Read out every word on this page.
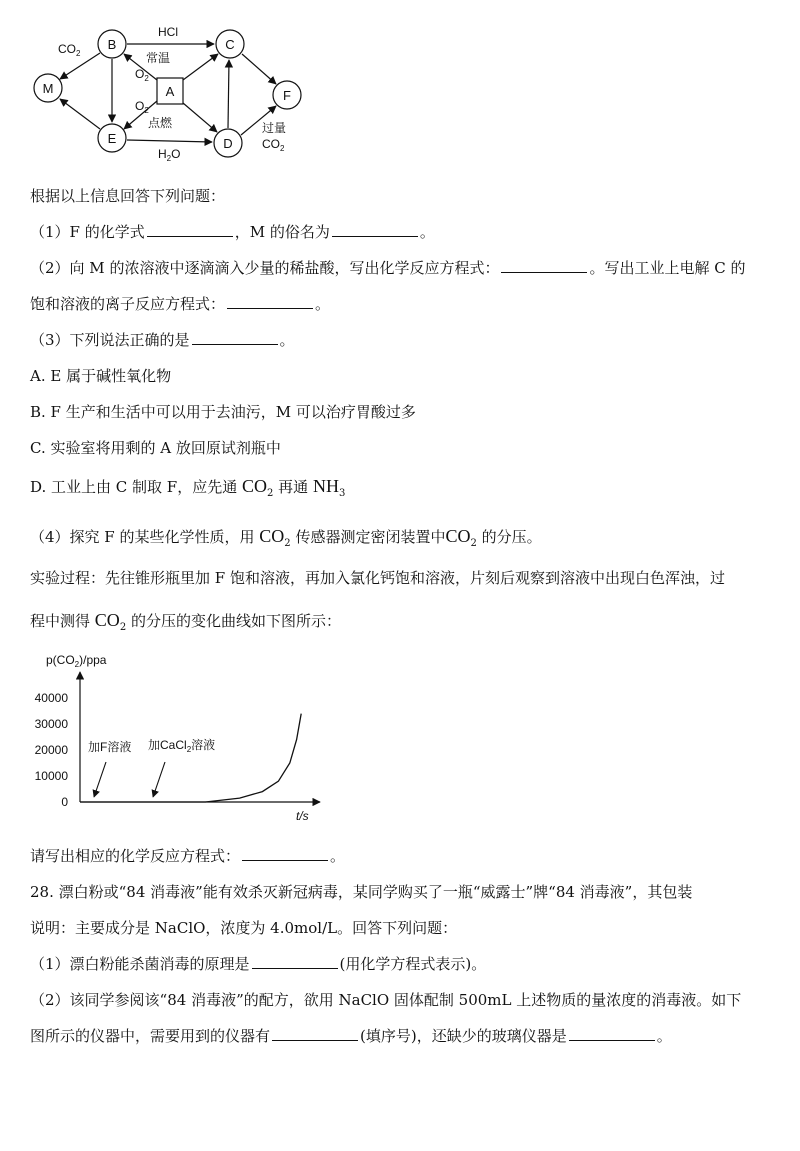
B	C
M	A	F
E	D
HCl
$CO_2$	常温
$O_2$
$O_2$
点燃
$H_2O$
过量
$CO_2$
根据以上信息回答下列问题：
（1）F 的化学式	，M 的俗名为	。
（2）向 M 的浓溶液中逐滴滴入少量的稀盐酸，写出化学反应方程式：	。写出工业上电解 C 的
饱和溶液的离子反应方程式：	。
（3）下列说法正确的是	。
A. E 属于碱性氧化物
B. F 生产和生活中可以用于去油污，M 可以治疗胃酸过多
C. 实验室将用剩的 A 放回原试剂瓶中
D. 工业上由 C 制取 F，应先通 $CO_2$ 再通 $NH_3$
（4）探究 F 的某些化学性质，用 $CO_2$ 传感器测定密闭装置中$CO_2$ 的分压。
实验过程：先往锥形瓶里加 F 饱和溶液，再加入氯化钙饱和溶液，片刻后观察到溶液中出现白色浑浊，过
程中测得 $CO_2$ 的分压的变化曲线如下图所示：
$p(CO_2)$/ppa
40000
30000
20000
10000
0
t/s
加F溶液 加CaCl$_2$溶液
请写出相应的化学反应方程式：	。
28. 漂白粉或“84 消毒液”能有效杀灭新冠病毒，某同学购买了一瓶“威露士”牌“84 消毒液”，其包装
说明：主要成分是 NaClO，浓度为 4.0mol/L。回答下列问题：
（1）漂白粉能杀菌消毒的原理是	(用化学方程式表示)。
（2）该同学参阅该“84 消毒液”的配方，欲用 NaClO 固体配制 500mL 上述物质的量浓度的消毒液。如下
图所示的仪器中，需要用到的仪器有	(填序号)，还缺少的玻璃仪器是	。
